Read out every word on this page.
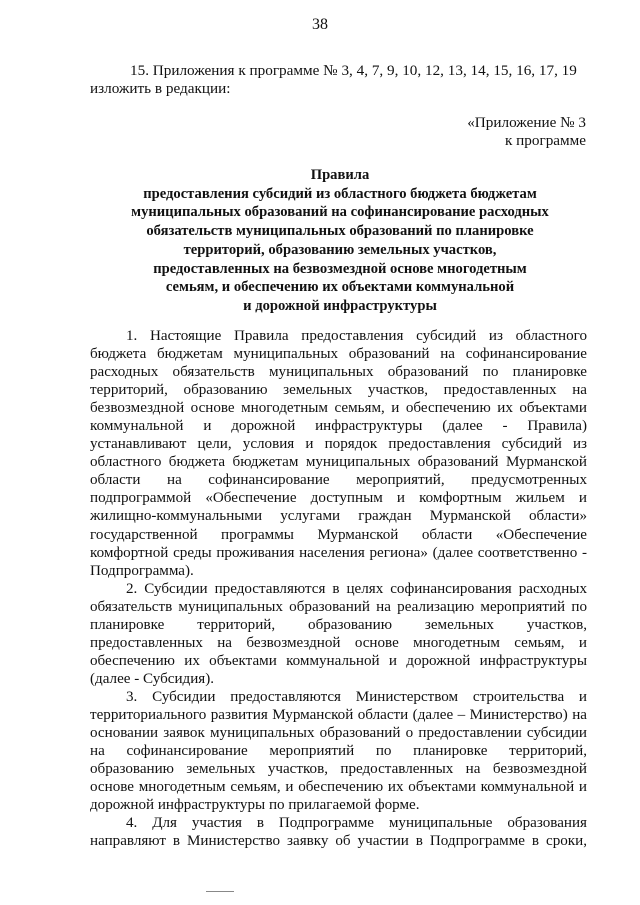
38
15. Приложения к программе № 3, 4, 7, 9, 10, 12, 13, 14, 15, 16, 17, 19
изложить в редакции:
«Приложение № 3
к программе
Правила
предоставления субсидий из областного бюджета бюджетам
муниципальных образований на софинансирование расходных
обязательств муниципальных образований по планировке
территорий, образованию земельных участков,
предоставленных на безвозмездной основе многодетным
семьям, и обеспечению их объектами коммунальной
и дорожной инфраструктуры
1. Настоящие Правила предоставления субсидий из областного
бюджета бюджетам муниципальных образований на софинансирование
расходных обязательств муниципальных образований по планировке
территорий, образованию земельных участков, предоставленных на
безвозмездной основе многодетным семьям, и обеспечению их объектами
коммунальной и дорожной инфраструктуры (далее - Правила)
устанавливают цели, условия и порядок предоставления субсидий из
областного бюджета бюджетам муниципальных образований Мурманской
области на софинансирование мероприятий, предусмотренных
подпрограммой «Обеспечение доступным и комфортным жильем и
жилищно-коммунальными услугами граждан Мурманской области»
государственной программы Мурманской области «Обеспечение
комфортной среды проживания населения региона» (далее соответственно -
Подпрограмма).
2. Субсидии предоставляются в целях софинансирования расходных
обязательств муниципальных образований на реализацию мероприятий по
планировке территорий, образованию земельных участков,
предоставленных на безвозмездной основе многодетным семьям, и
обеспечению их объектами коммунальной и дорожной инфраструктуры
(далее - Субсидия).
3. Субсидии предоставляются Министерством строительства и
территориального развития Мурманской области (далее – Министерство) на
основании заявок муниципальных образований о предоставлении субсидии
на софинансирование мероприятий по планировке территорий,
образованию земельных участков, предоставленных на безвозмездной
основе многодетным семьям, и обеспечению их объектами коммунальной и
дорожной инфраструктуры по прилагаемой форме.
4. Для участия в Подпрограмме муниципальные образования
направляют в Министерство заявку об участии в Подпрограмме в сроки,
